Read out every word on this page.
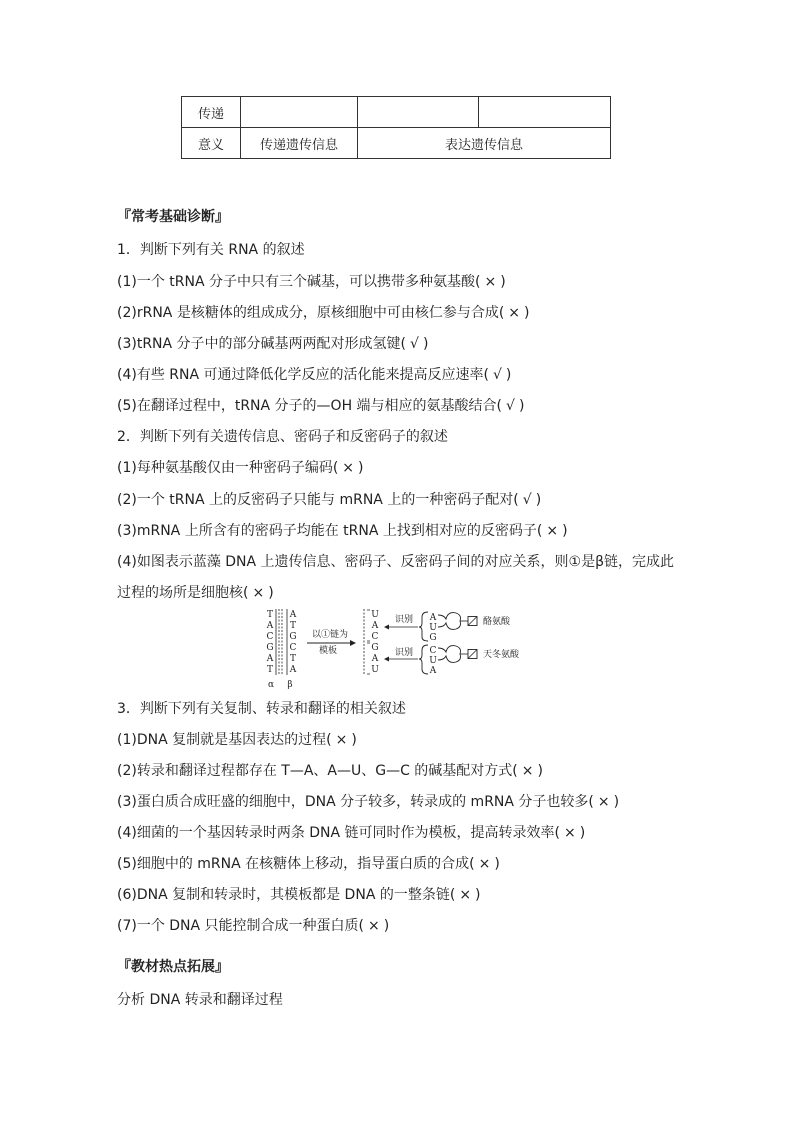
传递			
意义	传递遗传信息	表达遗传信息	
『常考基础诊断』
1．判断下列有关 RNA 的叙述
(1)一个 tRNA 分子中只有三个碱基，可以携带多种氨基酸( × )
(2)rRNA 是核糖体的组成成分，原核细胞中可由核仁参与合成( × )
(3)tRNA 分子中的部分碱基两两配对形成氢键( √ )
(4)有些 RNA 可通过降低化学反应的活化能来提高反应速率( √ )
(5)在翻译过程中，tRNA 分子的—OH 端与相应的氨基酸结合( √ )
2．判断下列有关遗传信息、密码子和反密码子的叙述
(1)每种氨基酸仅由一种密码子编码( × )
(2)一个 tRNA 上的反密码子只能与 mRNA 上的一种密码子配对( √ )
(3)mRNA 上所含有的密码子均能在 tRNA 上找到相对应的反密码子( × )
(4)如图表示蓝藻 DNA 上遗传信息、密码子、反密码子间的对应关系，则①是β链，完成此
过程的场所是细胞核( × )
T
A
C
G
A
T
A
T
G
C
T
A
α β
以①链为
模板
U
A
C
G
A
U
识别
识别
A
U
G
C
U
A
酪氨酸
天冬氨酸
3．判断下列有关复制、转录和翻译的相关叙述
(1)DNA 复制就是基因表达的过程( × )
(2)转录和翻译过程都存在 T—A、A—U、G—C 的碱基配对方式( × )
(3)蛋白质合成旺盛的细胞中，DNA 分子较多，转录成的 mRNA 分子也较多( × )
(4)细菌的一个基因转录时两条 DNA 链可同时作为模板，提高转录效率( × )
(5)细胞中的 mRNA 在核糖体上移动，指导蛋白质的合成( × )
(6)DNA 复制和转录时，其模板都是 DNA 的一整条链( × )
(7)一个 DNA 只能控制合成一种蛋白质( × )
『教材热点拓展』
分析 DNA 转录和翻译过程
